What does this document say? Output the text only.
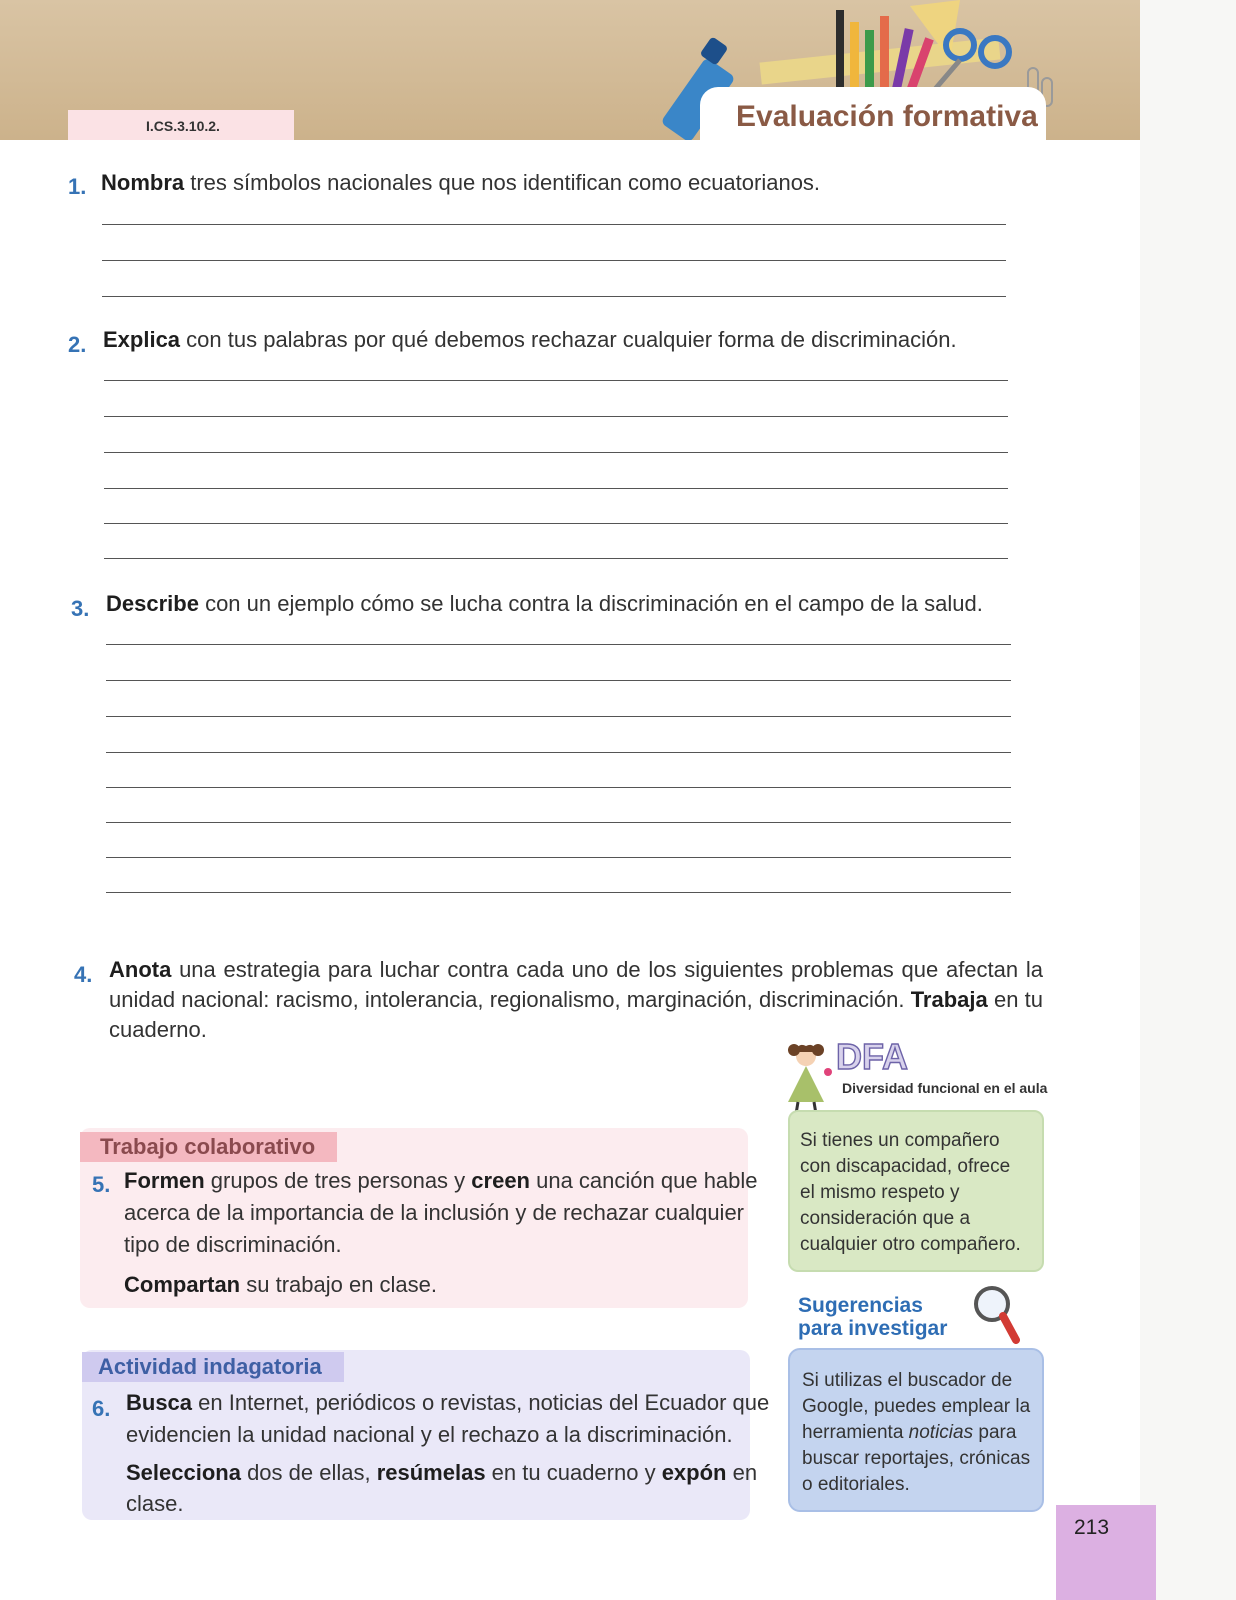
I.CS.3.10.2.	Evaluación formativa
1. Nombra tres símbolos nacionales que nos identifican como ecuatorianos.
2. Explica con tus palabras por qué debemos rechazar cualquier forma de discriminación.
3. Describe con un ejemplo cómo se lucha contra la discriminación en el campo de la salud.
4. Anota una estrategia para luchar contra cada uno de los siguientes problemas que afectan la
unidad nacional: racismo, intolerancia, regionalismo, marginación, discriminación. Trabaja en tu
cuaderno.
Trabajo colaborativo
5. Formen grupos de tres personas y creen una canción que hable
acerca de la importancia de la inclusión y de rechazar cualquier
tipo de discriminación.
Compartan su trabajo en clase.
Actividad indagatoria
6. Busca en Internet, periódicos o revistas, noticias del Ecuador que
evidencien la unidad nacional y el rechazo a la discriminación.
Selecciona dos de ellas, resúmelas en tu cuaderno y expón en
clase.
DFA
Diversidad funcional en el aula
Si tienes un compañero
con discapacidad, ofrece
el mismo respeto y
consideración que a
cualquier otro compañero.
Sugerencias
para investigar
Si utilizas el buscador de
Google, puedes emplear la
herramienta noticias para
buscar reportajes, crónicas
o editoriales.
213
